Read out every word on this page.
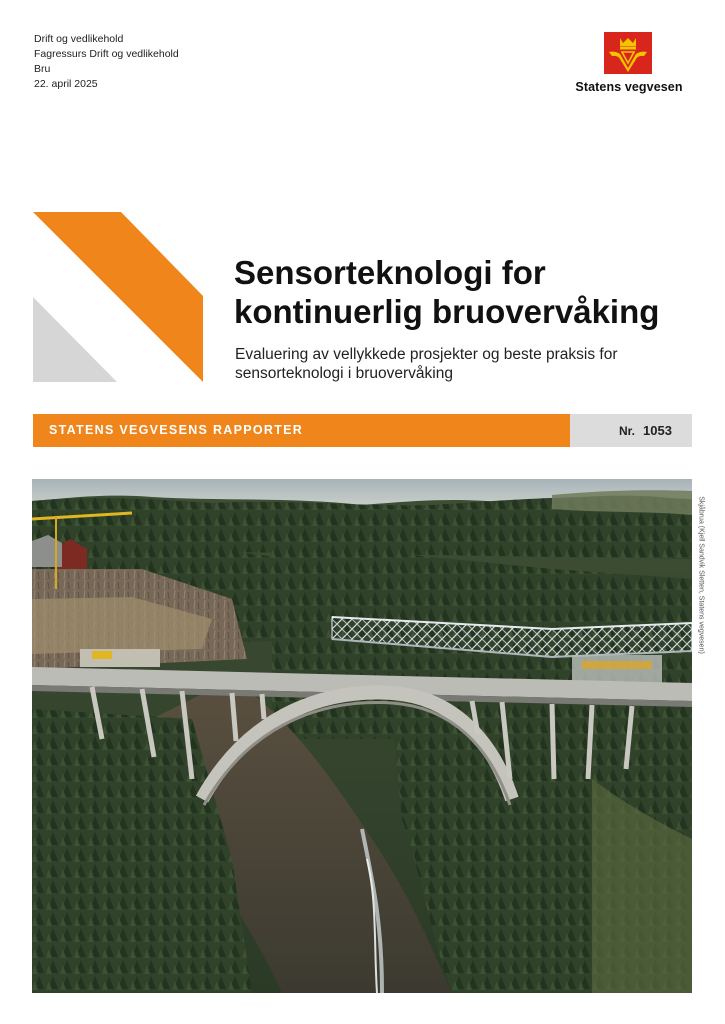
Drift og vedlikehold
Fagressurs Drift og vedlikehold
Bru
22. april 2025	Statens vegvesen
Sensorteknologi for
kontinuerlig bruovervåking
Evaluering av vellykkede prosjekter og beste praksis for
sensorteknologi i bruovervåking
STATENS VEGVESENS RAPPORTER	Nr. 1053
Skjåbrua (Kjell Sandvik Sletten, Statens vegvesen)
